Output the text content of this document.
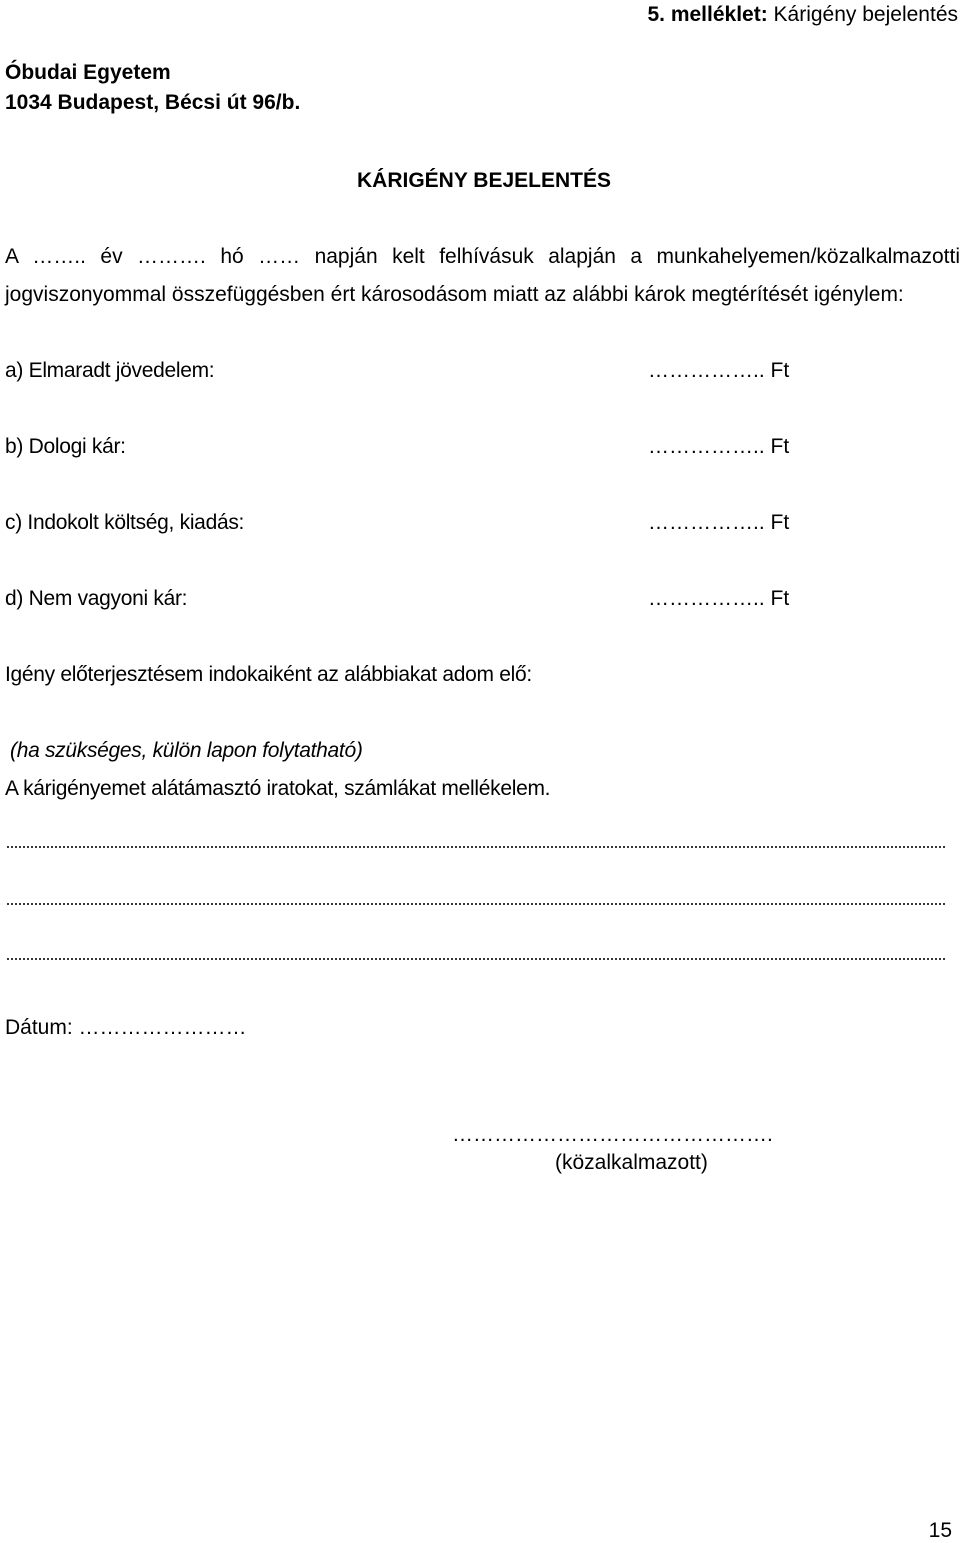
5. melléklet: Kárigény bejelentés
Óbudai Egyetem
1034 Budapest, Bécsi út 96/b.
KÁRIGÉNY BEJELENTÉS
A …….. év ………. hó …… napján kelt felhívásuk alapján a munkahelyemen/közalkalmazotti
jogviszonyommal összefüggésben ért károsodásom miatt az alábbi károk megtérítését igénylem:
a) Elmaradt jövedelem:	…………….. Ft
b) Dologi kár:	…………….. Ft
c) Indokolt költség, kiadás:	…………….. Ft
d) Nem vagyoni kár:	…………….. Ft
Igény előterjesztésem indokaiként az alábbiakat adom elő:
(ha szükséges, külön lapon folytatható)
A kárigényemet alátámasztó iratokat, számlákat mellékelem.
Dátum: ……………………
……………………………………….
(közalkalmazott)
15
